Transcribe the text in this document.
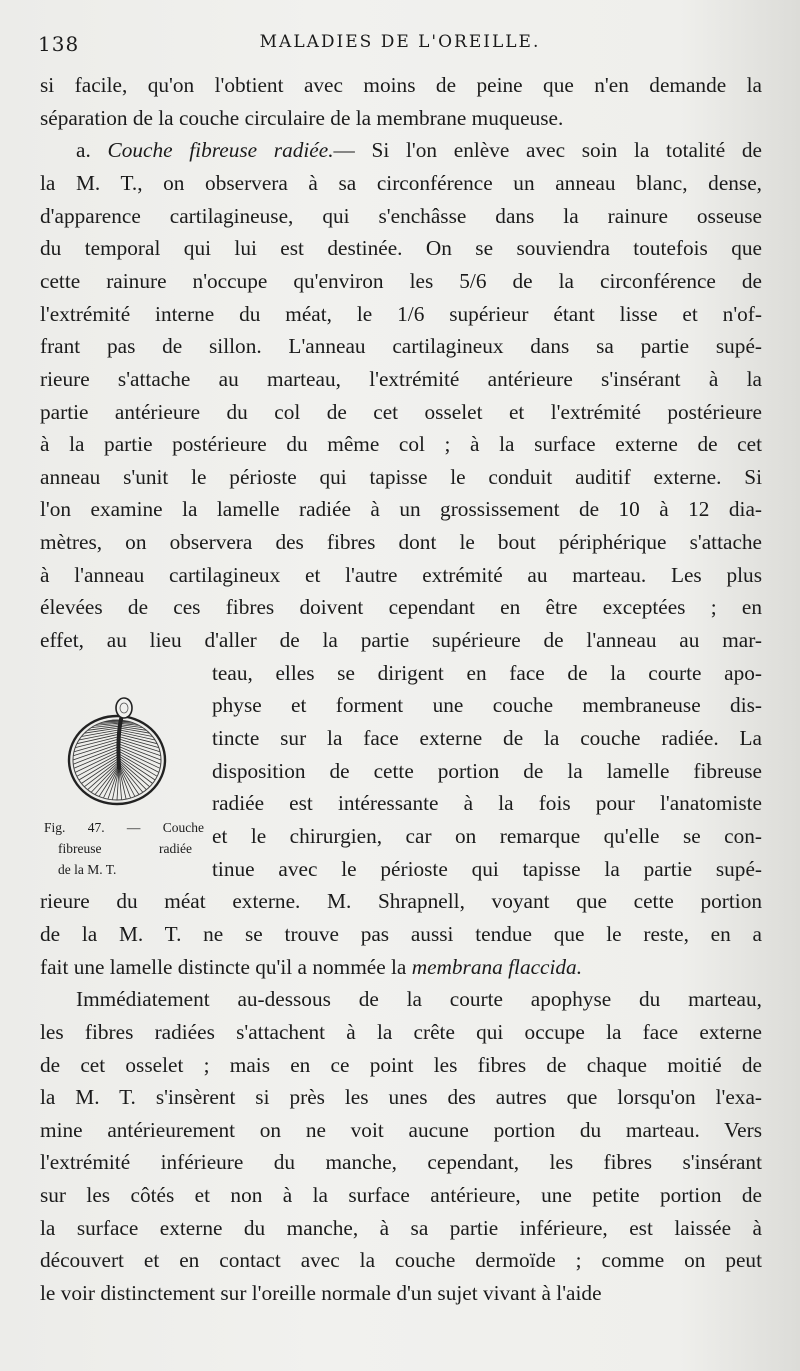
138	MALADIES DE L'OREILLE.
si facile, qu'on l'obtient avec moins de peine que n'en demande la
séparation de la couche circulaire de la membrane muqueuse.
a. Couche fibreuse radiée.— Si l'on enlève avec soin la totalité de
la M. T., on observera à sa circonférence un anneau blanc, dense,
d'apparence cartilagineuse, qui s'enchâsse dans la rainure osseuse
du temporal qui lui est destinée. On se souviendra toutefois que
cette rainure n'occupe qu'environ les 5/6 de la circonférence de
l'extrémité interne du méat, le 1/6 supérieur étant lisse et n'of-
frant pas de sillon. L'anneau cartilagineux dans sa partie supé-
rieure s'attache au marteau, l'extrémité antérieure s'insérant à la
partie antérieure du col de cet osselet et l'extrémité postérieure
à la partie postérieure du même col ; à la surface externe de cet
anneau s'unit le périoste qui tapisse le conduit auditif externe. Si
l'on examine la lamelle radiée à un grossissement de 10 à 12 dia-
mètres, on observera des fibres dont le bout périphérique s'attache
à l'anneau cartilagineux et l'autre extrémité au marteau. Les plus
élevées de ces fibres doivent cependant en être exceptées ; en
effet, au lieu d'aller de la partie supérieure de l'anneau au mar-
teau, elles se dirigent en face de la courte apo-
physe et forment une couche membraneuse dis-
tincte sur la face externe de la couche radiée. La
disposition de cette portion de la lamelle fibreuse
radiée est intéressante à la fois pour l'anatomiste
et le chirurgien, car on remarque qu'elle se con-
tinue avec le périoste qui tapisse la partie supé-
rieure du méat externe. M. Shrapnell, voyant que cette portion
de la M. T. ne se trouve pas aussi tendue que le reste, en a
fait une lamelle distincte qu'il a nommée la membrana flaccida.
Immédiatement au-dessous de la courte apophyse du marteau,
les fibres radiées s'attachent à la crête qui occupe la face externe
de cet osselet ; mais en ce point les fibres de chaque moitié de
la M. T. s'insèrent si près les unes des autres que lorsqu'on l'exa-
mine antérieurement on ne voit aucune portion du marteau. Vers
l'extrémité inférieure du manche, cependant, les fibres s'insérant
sur les côtés et non à la surface antérieure, une petite portion de
la surface externe du manche, à sa partie inférieure, est laissée à
découvert et en contact avec la couche dermoïde ; comme on peut
le voir distinctement sur l'oreille normale d'un sujet vivant à l'aide
Fig. 47. — Couche
fibreuse radiée
de la M. T.
